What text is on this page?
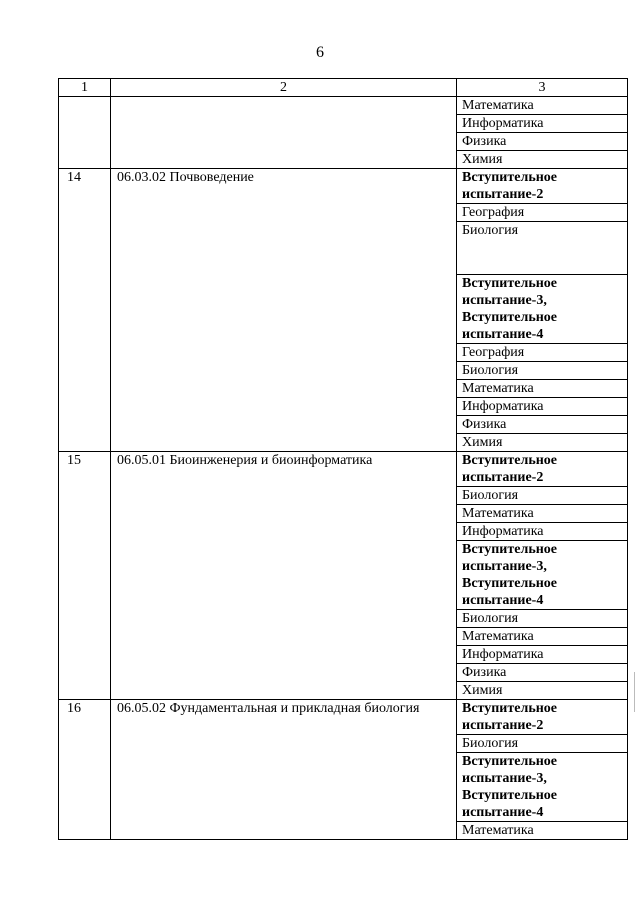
6
1	2	3
		Математика
		Информатика
		Физика
		Химия
14	06.03.02 Почвоведение	Вступительное испытание-2
		География
		Биология
		Вступительное испытание-3, Вступительное испытание-4
		География
		Биология
		Математика
		Информатика
		Физика
		Химия
15	06.05.01 Биоинженерия и биоинформатика	Вступительное испытание-2
		Биология
		Математика
		Информатика
		Вступительное испытание-3, Вступительное испытание-4
		Биология
		Математика
		Информатика
		Физика
		Химия
16	06.05.02 Фундаментальная и прикладная биология	Вступительное испытание-2
		Биология
		Вступительное испытание-3, Вступительное испытание-4
		Математика
